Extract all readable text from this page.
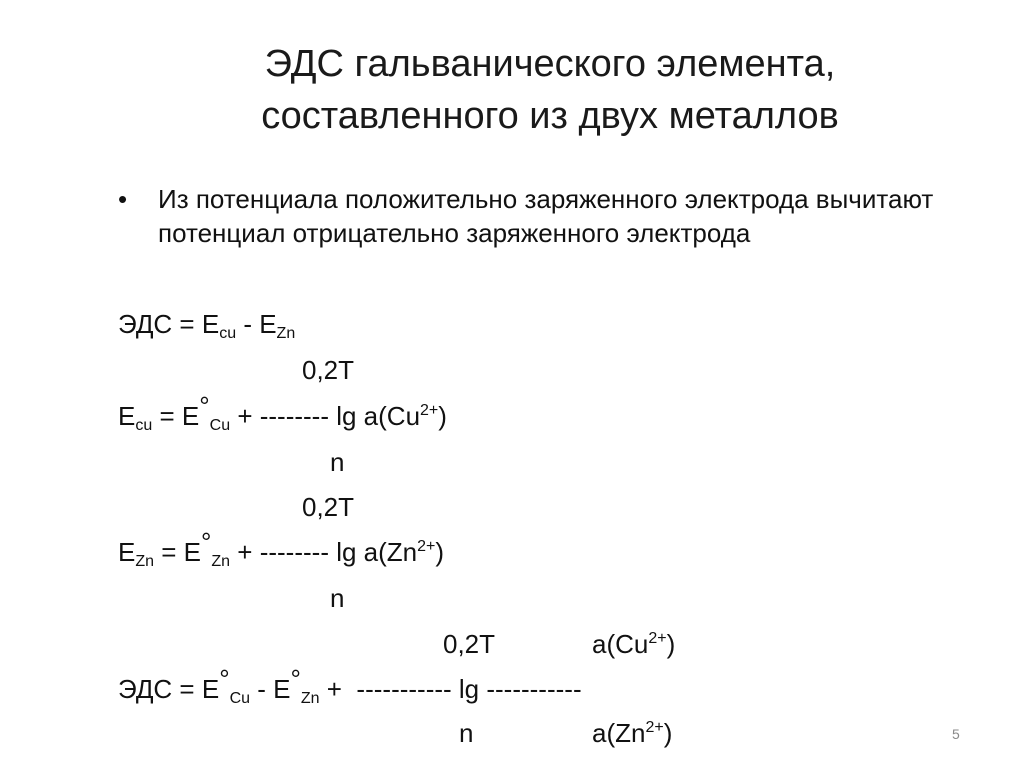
ЭДС гальванического элемента,
составленного из двух металлов
• Из потенциала положительно заряженного электрода вычитают потенциал отрицательно заряженного электрода
ЭДС = $E_{cu} - E_{Zn}$
0,2T
$E_{cu} = E^\circ_{Cu}$ + -------- $\lg a(Cu^{2+})$
n
0,2T
$E_{Zn} = E^\circ_{Zn}$ + -------- $\lg a(Zn^{2+})$
n
0,2T	$a(Cu^{2+})$
ЭДС = $E^\circ_{Cu} - E^\circ_{Zn}$ +  ----------- lg -----------
n	$a(Zn^{2+})$	5
